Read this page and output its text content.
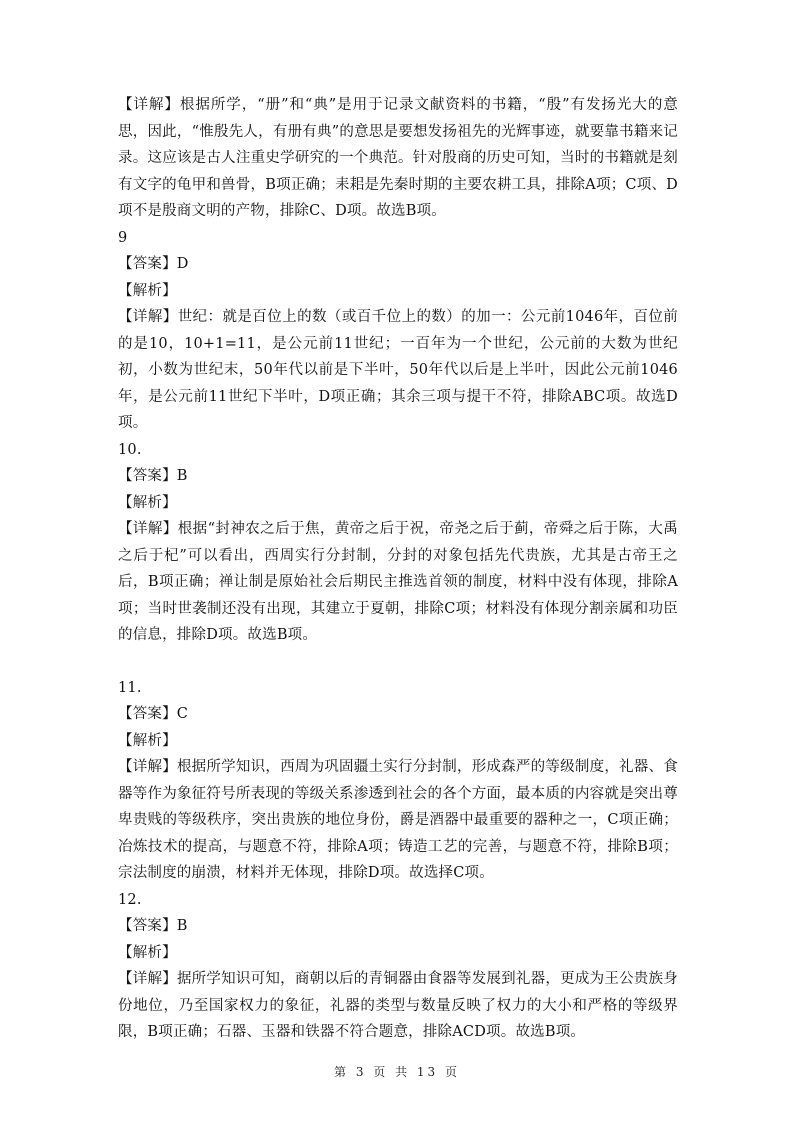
【详解】根据所学，“册”和“典”是用于记录文献资料的书籍，“殷”有发扬光大的意思，因此，“惟殷先人，有册有典”的意思是要想发扬祖先的光辉事迹，就要靠书籍来记录。这应该是古人注重史学研究的一个典范。针对殷商的历史可知，当时的书籍就是刻有文字的龟甲和兽骨，B项正确；耒耜是先秦时期的主要农耕工具，排除A项；C项、D项不是殷商文明的产物，排除C、D项。故选B项。

9

【答案】D

【解析】

【详解】世纪：就是百位上的数（或百千位上的数）的加一：公元前1046年，百位前的是10，10+1=11，是公元前11世纪；一百年为一个世纪，公元前的大数为世纪初，小数为世纪末，50年代以前是下半叶，50年代以后是上半叶，因此公元前1046年，是公元前11世纪下半叶，D项正确；其余三项与提干不符，排除ABC项。故选D项。

10.

【答案】B

【解析】

【详解】根据“封神农之后于焦，黄帝之后于祝，帝尧之后于蓟，帝舜之后于陈，大禹之后于杞”可以看出，西周实行分封制，分封的对象包括先代贵族，尤其是古帝王之后，B项正确；禅让制是原始社会后期民主推选首领的制度，材料中没有体现，排除A项；当时世袭制还没有出现，其建立于夏朝，排除C项；材料没有体现分割亲属和功臣的信息，排除D项。故选B项。

11.

【答案】C

【解析】

【详解】根据所学知识，西周为巩固疆土实行分封制，形成森严的等级制度，礼器、食器等作为象征符号所表现的等级关系渗透到社会的各个方面，最本质的内容就是突出尊卑贵贱的等级秩序，突出贵族的地位身份，爵是酒器中最重要的器种之一，C项正确；冶炼技术的提高，与题意不符，排除A项；铸造工艺的完善，与题意不符，排除B项；宗法制度的崩溃，材料并无体现，排除D项。故选择C项。

12.

【答案】B

【解析】

【详解】据所学知识可知，商朝以后的青铜器由食器等发展到礼器，更成为王公贵族身份地位，乃至国家权力的象征，礼器的类型与数量反映了权力的大小和严格的等级界限，B项正确；石器、玉器和铁器不符合题意，排除ACD项。故选B项。

第 3 页 共 13 页
